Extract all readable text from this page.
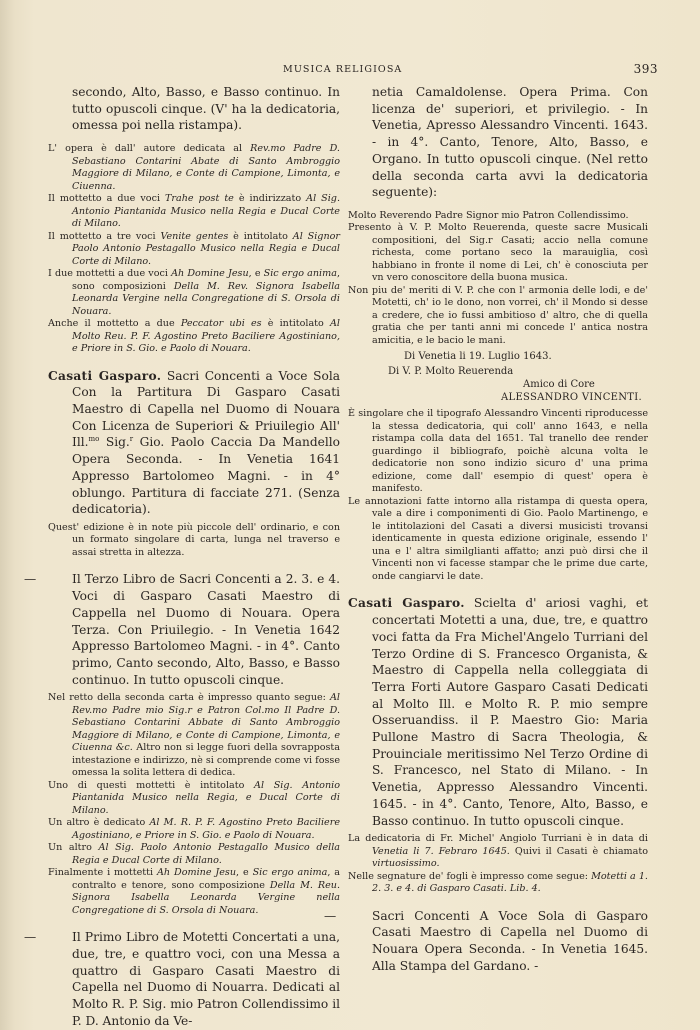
MUSICA RELIGIOSA	393

secondo, Alto, Basso, e Basso continuo. In tutto opuscoli cinque. (V' ha la dedicatoria, omessa poi nella ristampa).

L' opera è dall' autore dedicata al Rev.mo Padre D. Sebastiano Contarini Abate di Santo Ambroggio Maggiore di Milano, e Conte di Campione, Limonta, e Ciuenna.

Il mottetto a due voci Trahe post te è indirizzato Al Sig. Antonio Piantanida Musico nella Regia e Ducal Corte di Milano.

Il mottetto a tre voci Venite gentes è intitolato Al Signor Paolo Antonio Pestagallo Musico nella Regia e Ducal Corte di Milano.

I due mottetti a due voci Ah Domine Jesu, e Sic ergo anima, sono composizioni Della M. Rev. Signora Isabella Leonarda Vergine nella Congregatione di S. Orsola di Nouara.

Anche il mottetto a due Peccator ubi es è intitolato Al Molto Reu. P. F. Agostino Preto Baciliere Agostiniano, e Priore in S. Gio. e Paolo di Nouara.

Casati Gasparo. Sacri Concenti a Voce Sola Con la Partitura Di Gasparo Casati Maestro di Capella nel Duomo di Nouara Con Licenza de Superiori & Priuilegio All' Ill.$^{mo}$ Sig.$^r$ Gio. Paolo Caccia Da Mandello Opera Seconda. - In Venetia 1641 Appresso Bartolomeo Magni. - in 4° oblungo. Partitura di facciate 271. (Senza dedicatoria).

Quest' edizione è in note più piccole dell' ordinario, e con un formato singolare di carta, lunga nel traverso e assai stretta in altezza.

—	Il Terzo Libro de Sacri Concenti a 2. 3. e 4. Voci di Gasparo Casati Maestro di Cappella nel Duomo di Nouara. Opera Terza. Con Priuilegio. - In Venetia 1642 Appresso Bartolomeo Magni. - in 4°. Canto primo, Canto secondo, Alto, Basso, e Basso continuo. In tutto opuscoli cinque.

Nel retto della seconda carta è impresso quanto segue: Al Rev.mo Padre mio Sig.r e Patron Col.mo Il Padre D. Sebastiano Contarini Abbate di Santo Ambroggio Maggiore di Milano, e Conte di Campione, Limonta, e Ciuenna &c. Altro non si legge fuori della sovrapposta intestazione e indirizzo, nè si comprende come vi fosse omessa la solita lettera di dedica.

Uno di questi mottetti è intitolato Al Sig. Antonio Piantanida Musico nella Regia, e Ducal Corte di Milano.

Un altro è dedicato Al M. R. P. F. Agostino Preto Baciliere Agostiniano, e Priore in S. Gio. e Paolo di Nouara.

Un altro Al Sig. Paolo Antonio Pestagallo Musico della Regia e Ducal Corte di Milano.

Finalmente i mottetti Ah Domine Jesu, e Sic ergo anima, a contralto e tenore, sono composizione Della M. Reu. Signora Isabella Leonarda Vergine nella Congregatione di S. Orsola di Nouara.

—	Il Primo Libro de Motetti Concertati a una, due, tre, e quattro voci, con una Messa a quattro di Gasparo Casati Maestro di Capella nel Duomo di Nouarra. Dedicati al Molto R. P. Sig. mio Patron Collendissimo il P. D. Antonio da Ve-

netia Camaldolense. Opera Prima. Con licenza de' superiori, et privilegio. - In Venetia, Apresso Alessandro Vincenti. 1643. - in 4°. Canto, Tenore, Alto, Basso, e Organo. In tutto opuscoli cinque. (Nel retto della seconda carta avvi la dedicatoria seguente):

Molto Reverendo Padre Signor mio Patron Collendissimo.

Presento à V. P. Molto Reuerenda, queste sacre Musicali compositioni, del Sig.r Casati; accio nella comune richesta, come portano seco la marauiglia, così habbiano in fronte il nome di Lei, ch' è conosciuta per vn vero conoscitore della buona musica.

Non piu de' meriti di V. P. che con l' armonia delle lodi, e de' Motetti, ch' io le dono, non vorrei, ch' il Mondo si desse a credere, che io fussi ambitioso d' altro, che di quella gratia che per tanti anni mi concede l' antica nostra amicitia, e le bacio le mani.

Di Venetia li 19. Luglio 1643.

Di V. P. Molto Reuerenda

Amico di Core

ALESSANDRO VINCENTI.

È singolare che il tipografo Alessandro Vincenti riproducesse la stessa dedicatoria, qui coll' anno 1643, e nella ristampa colla data del 1651. Tal tranello dee render guardingo il bibliografo, poichè alcuna volta le dedicatorie non sono indizio sicuro d' una prima edizione, come dall' esempio di quest' opera è manifesto.

Le annotazioni fatte intorno alla ristampa di questa opera, vale a dire i componimenti di Gio. Paolo Martinengo, e le intitolazioni del Casati a diversi musicisti trovansi identicamente in questa edizione originale, essendo l' una e l' altra similglianti affatto; anzi può dirsi che il Vincenti non vi facesse stampar che le prime due carte, onde cangiarvi le date.

Casati Gasparo. Scielta d' ariosi vaghi, et concertati Motetti a una, due, tre, e quattro voci fatta da Fra Michel'Angelo Turriani del Terzo Ordine di S. Francesco Organista, & Maestro di Cappella nella colleggiata di Terra Forti Autore Gasparo Casati Dedicati al Molto Ill. e Molto R. P. mio sempre Osseruandiss. il P. Maestro Gio: Maria Pullone Mastro di Sacra Theologia, & Prouinciale meritissimo Nel Terzo Ordine di S. Francesco, nel Stato di Milano. - In Venetia, Appresso Alessandro Vincenti. 1645. - in 4°. Canto, Tenore, Alto, Basso, e Basso continuo. In tutto opuscoli cinque.

La dedicatoria di Fr. Michel' Angiolo Turriani è in data di Venetia li 7. Febraro 1645. Quivi il Casati è chiamato virtuosissimo.

Nelle segnature de' fogli è impresso come segue: Motetti a 1. 2. 3. e 4. di Gasparo Casati. Lib. 4.

—	Sacri Concenti A Voce Sola di Gasparo Casati Maestro di Capella nel Duomo di Nouara Opera Seconda. - In Venetia 1645. Alla Stampa del Gardano. -
